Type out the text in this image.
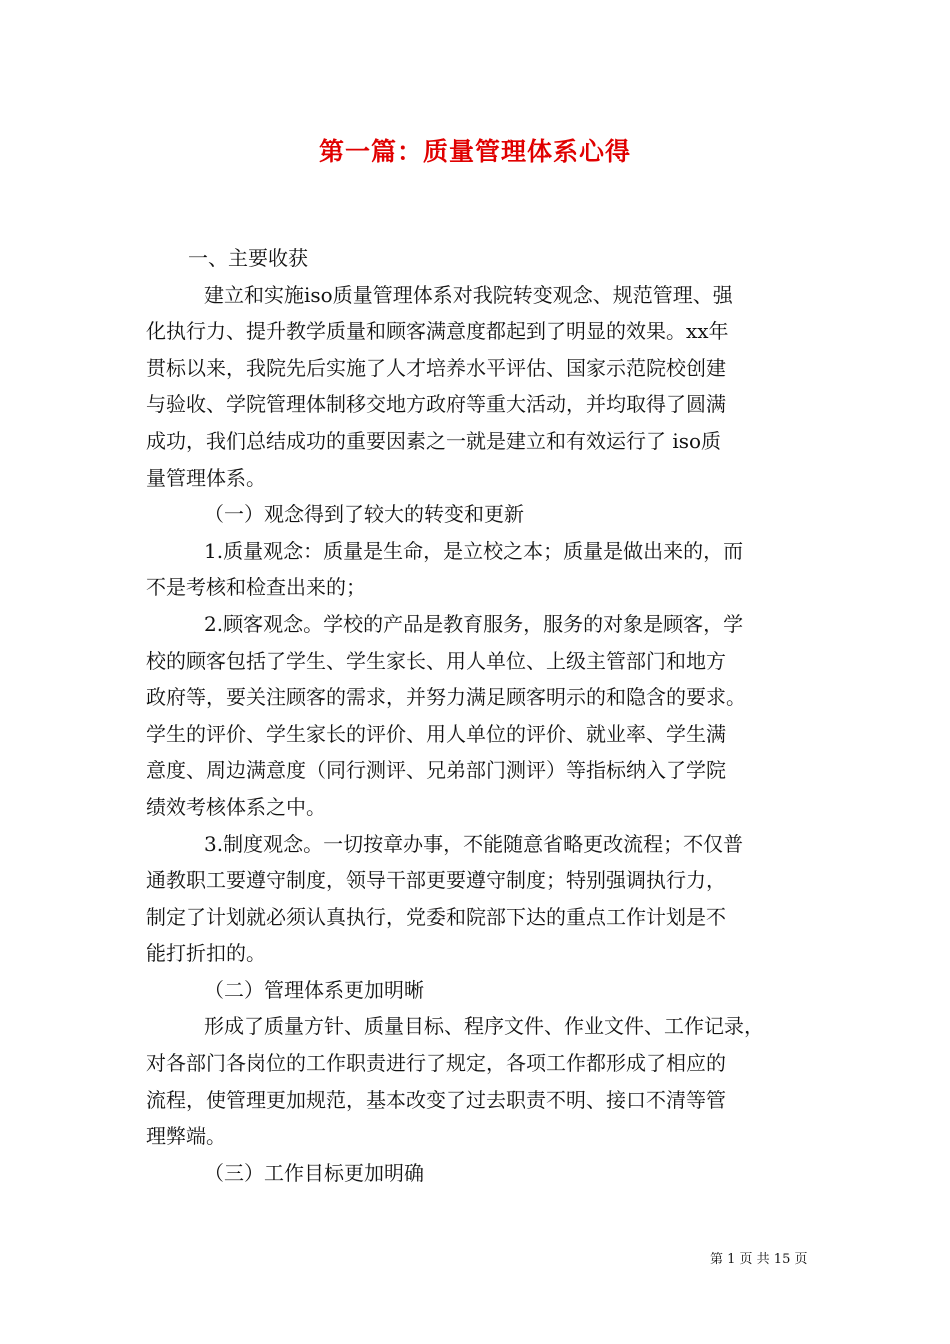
第一篇：质量管理体系心得

一、主要收获

建立和实施iso质量管理体系对我院转变观念、规范管理、强

化执行力、提升教学质量和顾客满意度都起到了明显的效果。xx年

贯标以来，我院先后实施了人才培养水平评估、国家示范院校创建

与验收、学院管理体制移交地方政府等重大活动，并均取得了圆满

成功，我们总结成功的重要因素之一就是建立和有效运行了 iso质

量管理体系。

（一）观念得到了较大的转变和更新

1.质量观念：质量是生命，是立校之本；质量是做出来的，而

不是考核和检查出来的；

2.顾客观念。学校的产品是教育服务，服务的对象是顾客，学

校的顾客包括了学生、学生家长、用人单位、上级主管部门和地方

政府等，要关注顾客的需求，并努力满足顾客明示的和隐含的要求。

学生的评价、学生家长的评价、用人单位的评价、就业率、学生满

意度、周边满意度（同行测评、兄弟部门测评）等指标纳入了学院

绩效考核体系之中。

3.制度观念。一切按章办事，不能随意省略更改流程；不仅普

通教职工要遵守制度，领导干部更要遵守制度；特别强调执行力，

制定了计划就必须认真执行，党委和院部下达的重点工作计划是不

能打折扣的。

（二）管理体系更加明晰

形成了质量方针、质量目标、程序文件、作业文件、工作记录，

对各部门各岗位的工作职责进行了规定，各项工作都形成了相应的

流程，使管理更加规范，基本改变了过去职责不明、接口不清等管

理弊端。

（三）工作目标更加明确

第 1 页 共 15 页
